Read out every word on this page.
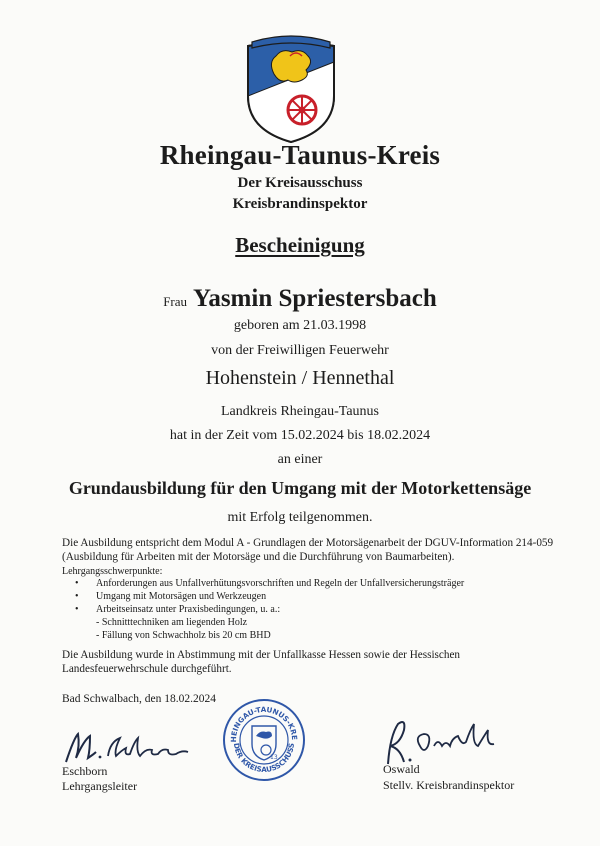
Rheingau-Taunus-Kreis
Der Kreisausschuss
Kreisbrandinspektor
Bescheinigung
Frau Yasmin Spriestersbach
geboren am 21.03.1998
von der Freiwilligen Feuerwehr
Hohenstein / Hennethal
Landkreis Rheingau-Taunus
hat in der Zeit vom 15.02.2024 bis 18.02.2024
an einer
Grundausbildung für den Umgang mit der Motorkettensäge
mit Erfolg teilgenommen.
Die Ausbildung entspricht dem Modul A - Grundlagen der Motorsägenarbeit der DGUV-Information 214-059
(Ausbildung für Arbeiten mit der Motorsäge und die Durchführung von Baumarbeiten).
Lehrgangsschwerpunkte:
• Anforderungen aus Unfallverhütungsvorschriften und Regeln der Unfallversicherungsträger
• Umgang mit Motorsägen und Werkzeugen
• Arbeitseinsatz unter Praxisbedingungen, u. a.:
- Schnitttechniken am liegenden Holz
- Fällung von Schwachholz bis 20 cm BHD
Die Ausbildung wurde in Abstimmung mit der Unfallkasse Hessen sowie der Hessischen
Landesfeuerwehrschule durchgeführt.
Bad Schwalbach, den 18.02.2024
HEINGAU-TAUNUS-KRE
DER KREISAUSSCHUSS
13
Eschborn
Lehrgangsleiter
Oswald
Stellv. Kreisbrandinspektor
